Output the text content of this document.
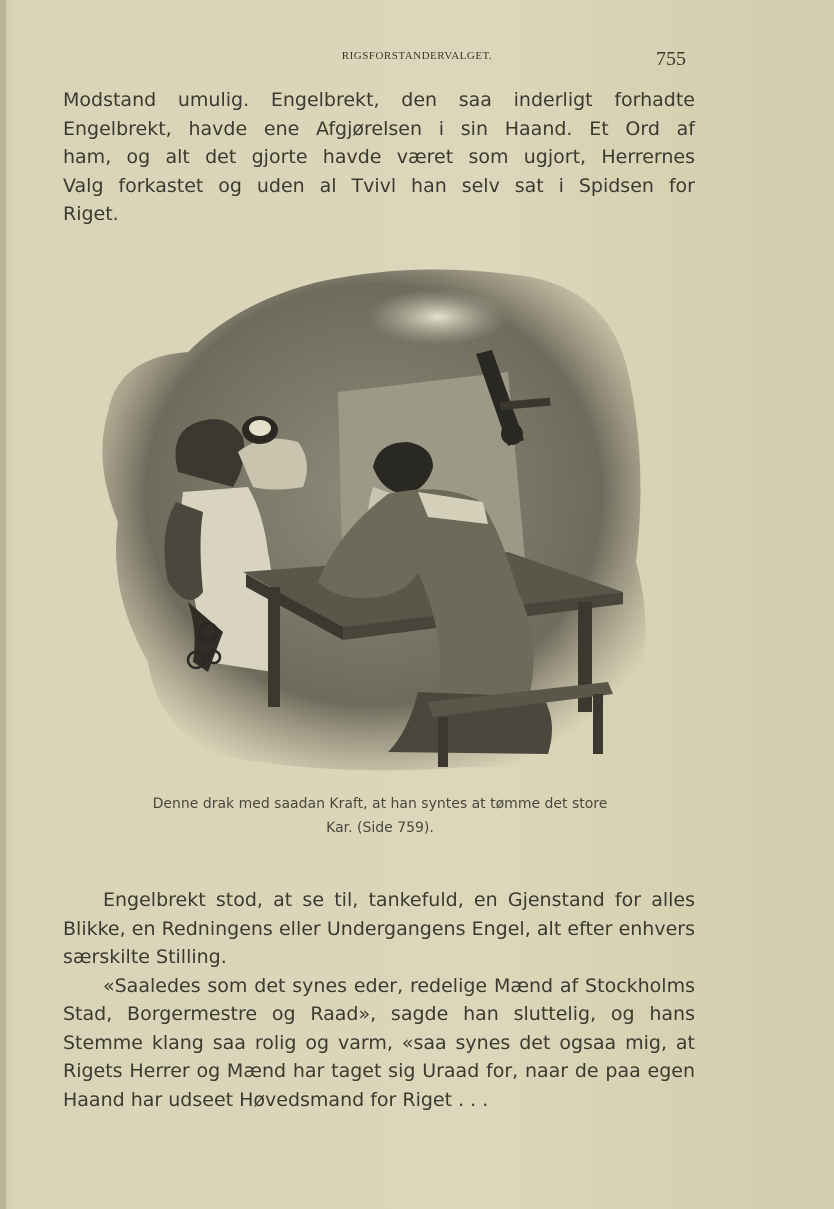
RIGSFORSTANDERVALGET.	755

Modstand umulig. Engelbrekt, den saa inderligt forhadte

Engelbrekt, havde ene Afgjørelsen i sin Haand. Et Ord af

ham, og alt det gjorte havde været som ugjort, Herrernes

Valg forkastet og uden al Tvivl han selv sat i Spidsen for

Riget.

Denne drak med saadan Kraft, at han syntes at tømme det store
Kar. (Side 759).

Engelbrekt stod, at se til, tankefuld, en Gjenstand for alles Blikke, en Redningens eller Undergangens Engel, alt efter enhvers særskilte Stilling.

«Saaledes som det synes eder, redelige Mænd af Stockholms Stad, Borgermestre og Raad», sagde han sluttelig, og hans Stemme klang saa rolig og varm, «saa synes det ogsaa mig, at Rigets Herrer og Mænd har taget sig Uraad for, naar de paa egen Haand har udseet Høvedsmand for Riget . . .
